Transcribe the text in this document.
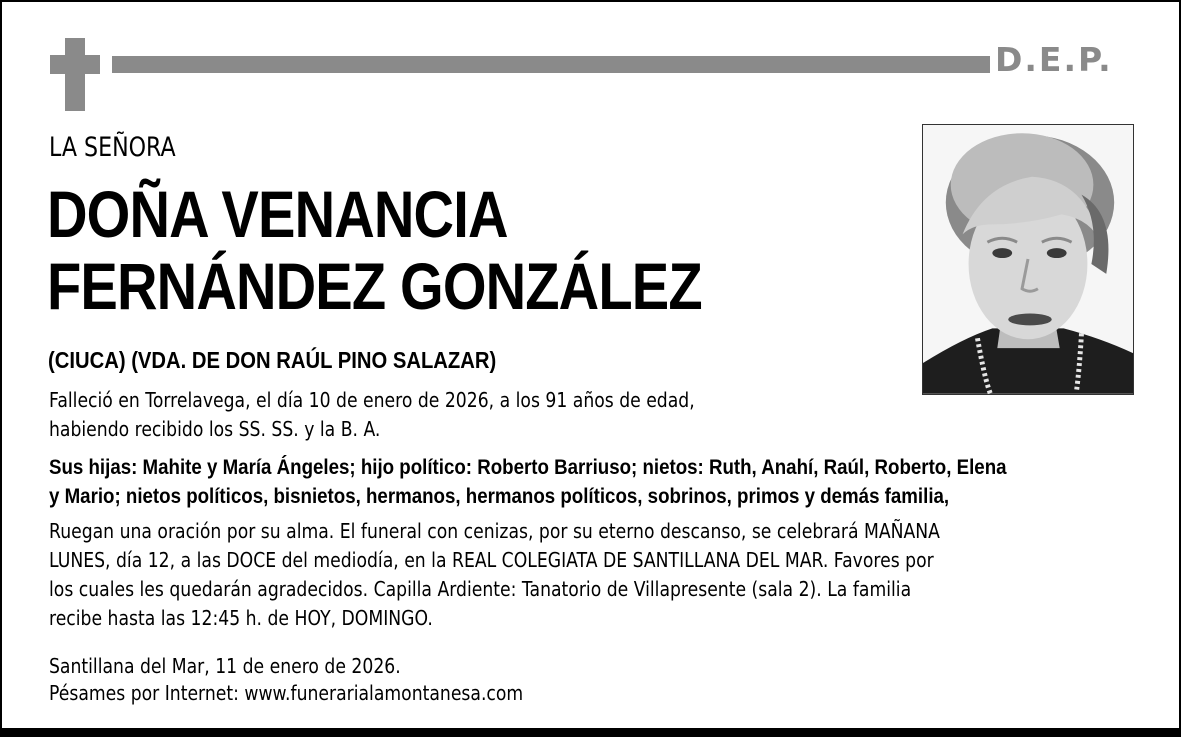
D.E.P.
LA SEÑORA
DOÑA VENANCIA
FERNÁNDEZ GONZÁLEZ
(CIUCA) (VDA. DE DON RAÚL PINO SALAZAR)
Falleció en Torrelavega, el día 10 de enero de 2026, a los 91 años de edad,
habiendo recibido los SS. SS. y la B. A.
Sus hijas: Mahite y María Ángeles; hijo político: Roberto Barriuso; nietos: Ruth, Anahí, Raúl, Roberto, Elena
y Mario; nietos políticos, bisnietos, hermanos, hermanos políticos, sobrinos, primos y demás familia,
Ruegan una oración por su alma. El funeral con cenizas, por su eterno descanso, se celebrará MAÑANA
LUNES, día 12, a las DOCE del mediodía, en la REAL COLEGIATA DE SANTILLANA DEL MAR. Favores por
los cuales les quedarán agradecidos. Capilla Ardiente: Tanatorio de Villapresente (sala 2). La familia
recibe hasta las 12:45 h. de HOY, DOMINGO.
Santillana del Mar, 11 de enero de 2026.
Pésames por Internet: www.funerarialamontanesa.com
